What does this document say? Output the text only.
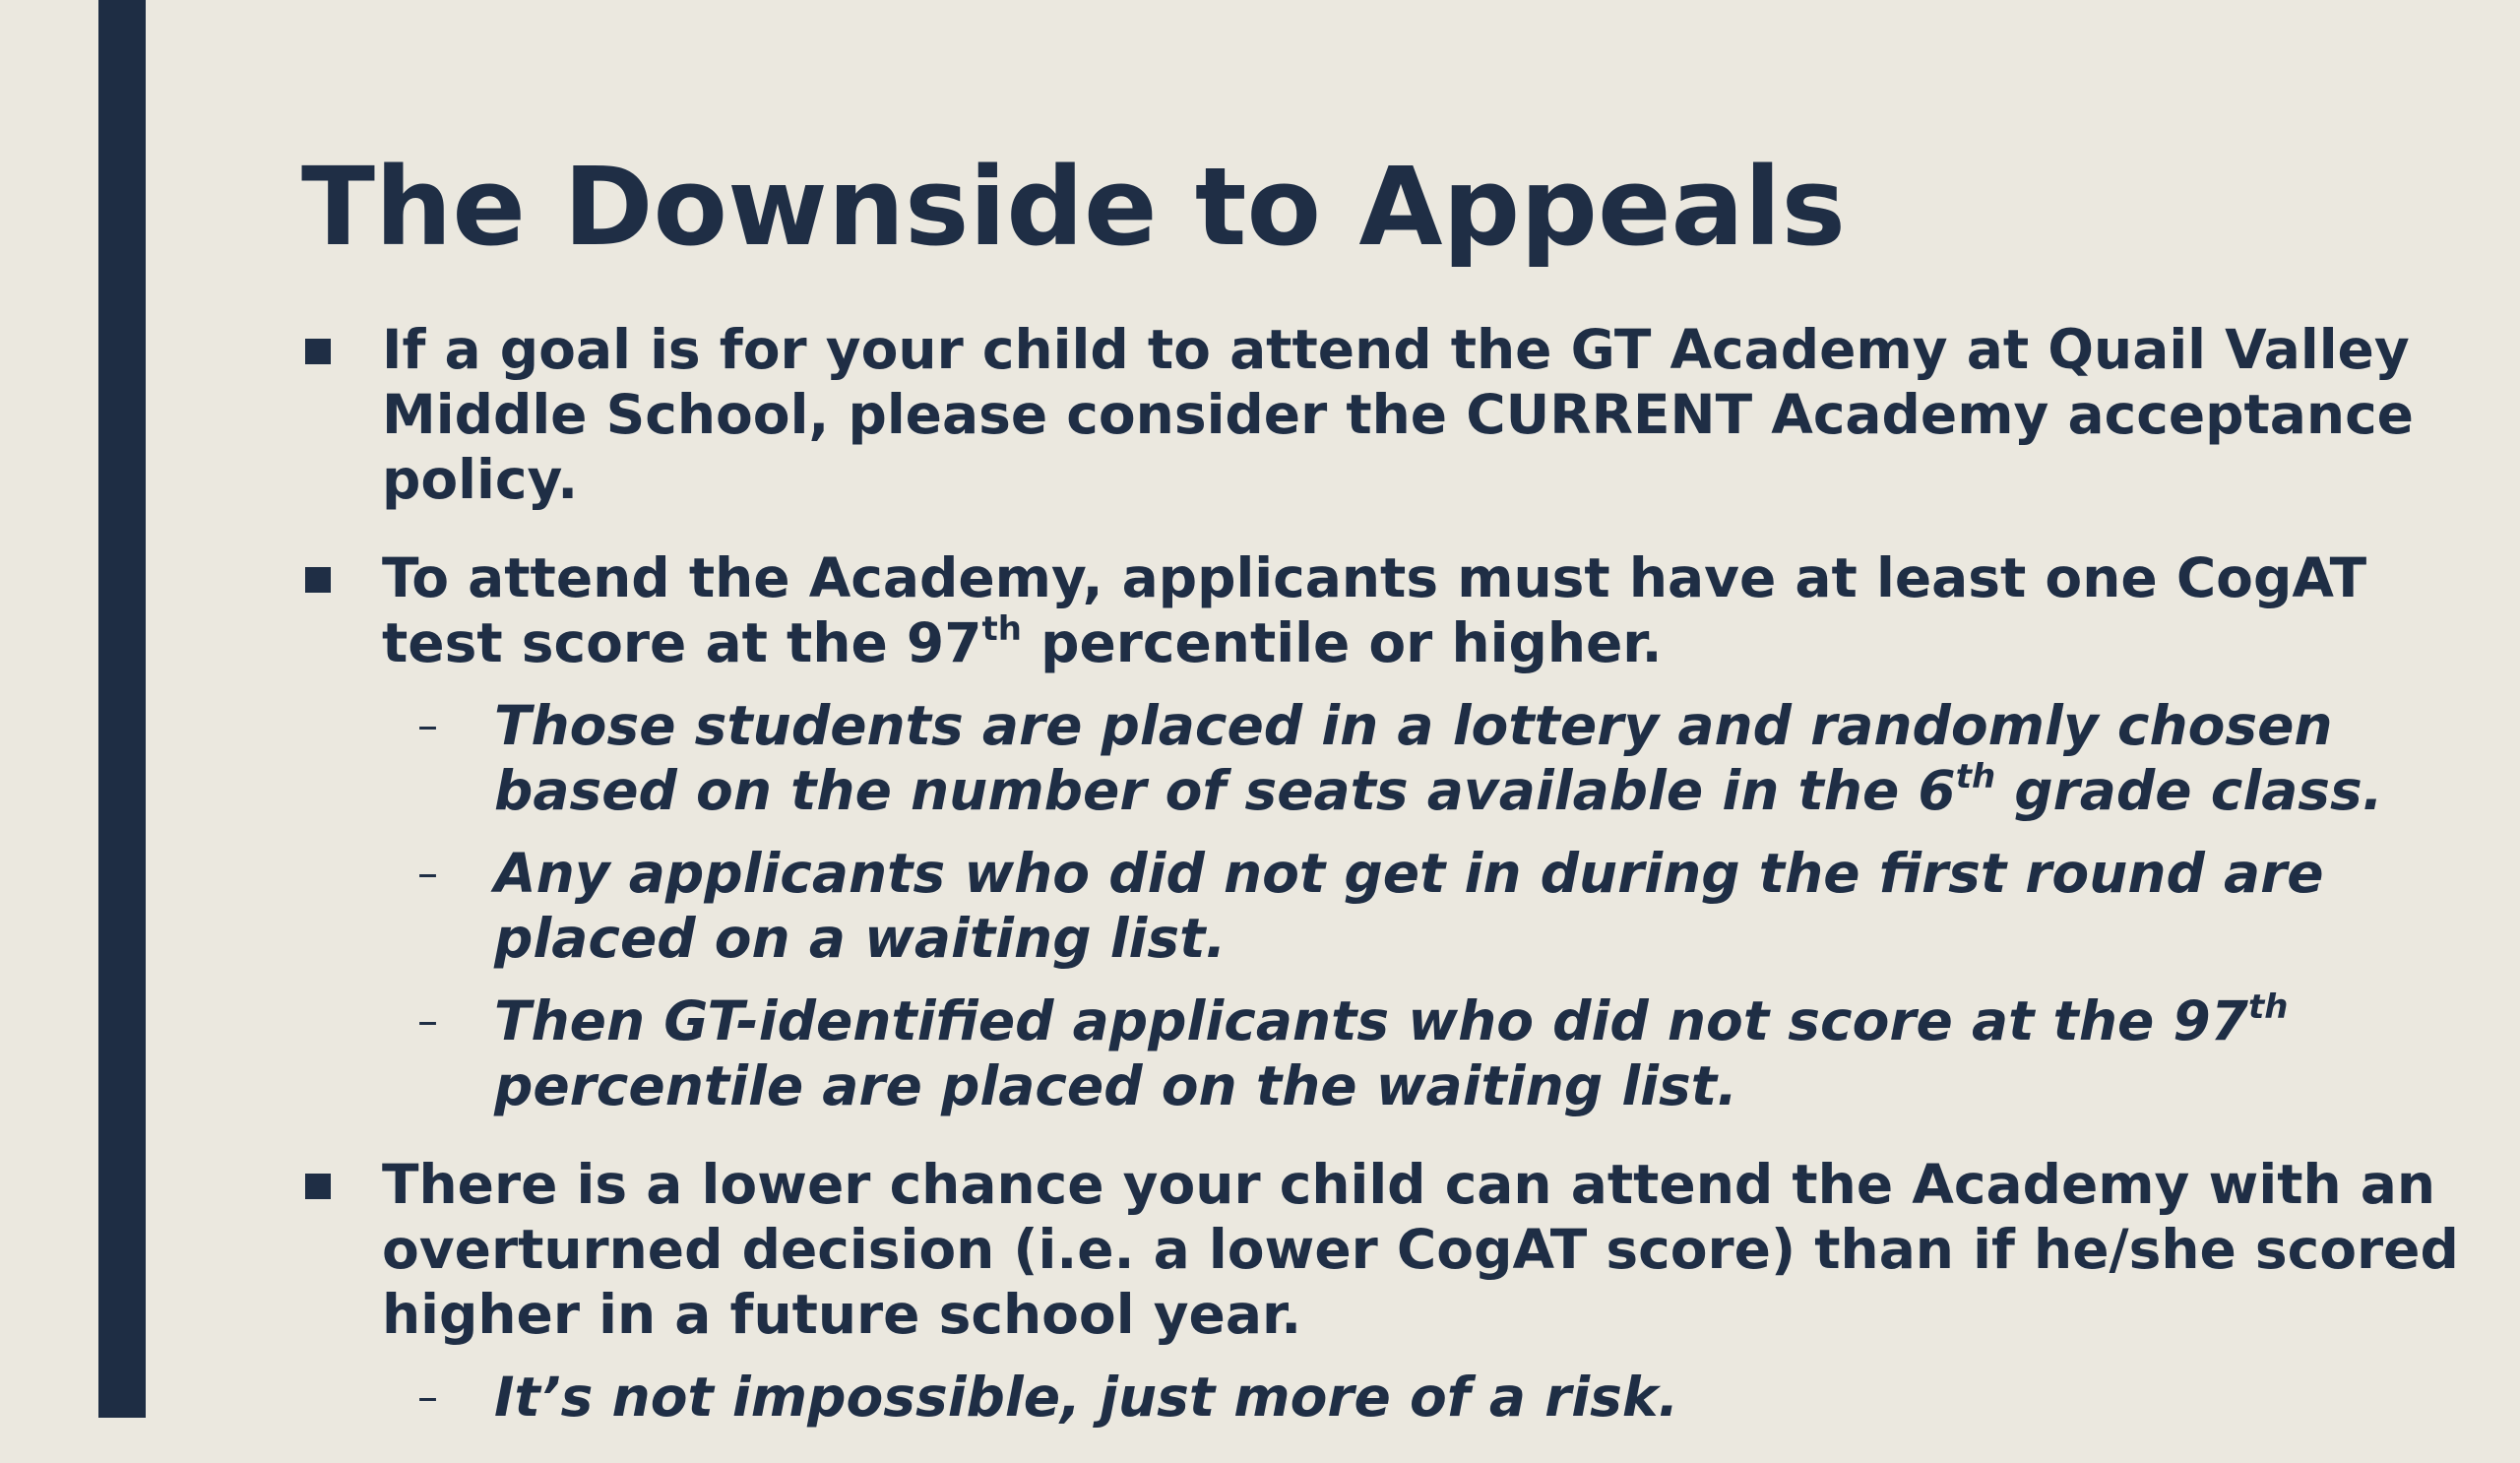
The Downside to Appeals
If a goal is for your child to attend the GT Academy at Quail Valley Middle School, please consider the CURRENT Academy acceptance policy.
To attend the Academy, applicants must have at least one CogAT test score at the 97th percentile or higher.
– Those students are placed in a lottery and randomly chosen based on the number of seats available in the 6th grade class.
– Any applicants who did not get in during the first round are placed on a waiting list.
– Then GT-identified applicants who did not score at the 97th percentile are placed on the waiting list.
There is a lower chance your child can attend the Academy with an overturned decision (i.e. a lower CogAT score) than if he/she scored higher in a future school year.
– It’s not impossible, just more of a risk.
